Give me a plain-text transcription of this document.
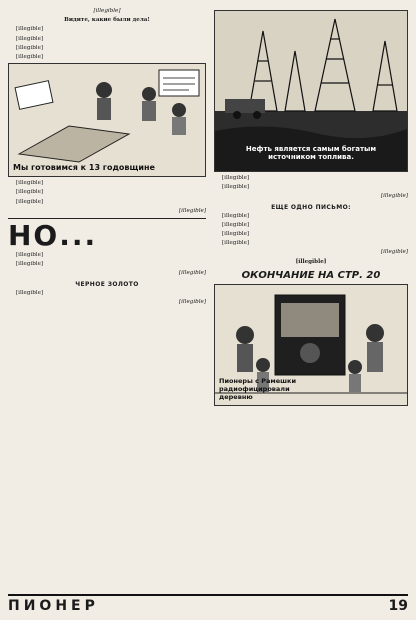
[illegible]

Видите, какие были дела!

[illegible]

[illegible]

[illegible]

[illegible]

Мы готовимся к 13 годовщине

[illegible]

[illegible]

[illegible]

[illegible]

НО...

[illegible]

[illegible]

[illegible]

ЧЕРНОЕ ЗОЛОТО

[illegible]

[illegible]

Нефть является самым богатым источником топлива.

[illegible]

[illegible]

[illegible]

ЕЩЕ ОДНО ПИСЬМО:

[illegible]

[illegible]

[illegible]

[illegible]

[illegible]

[illegible]

ОКОНЧАНИЕ НА СТР. 20
Пионеры с Рамешки радиофицировали деревню
ПИОНЕР	19
